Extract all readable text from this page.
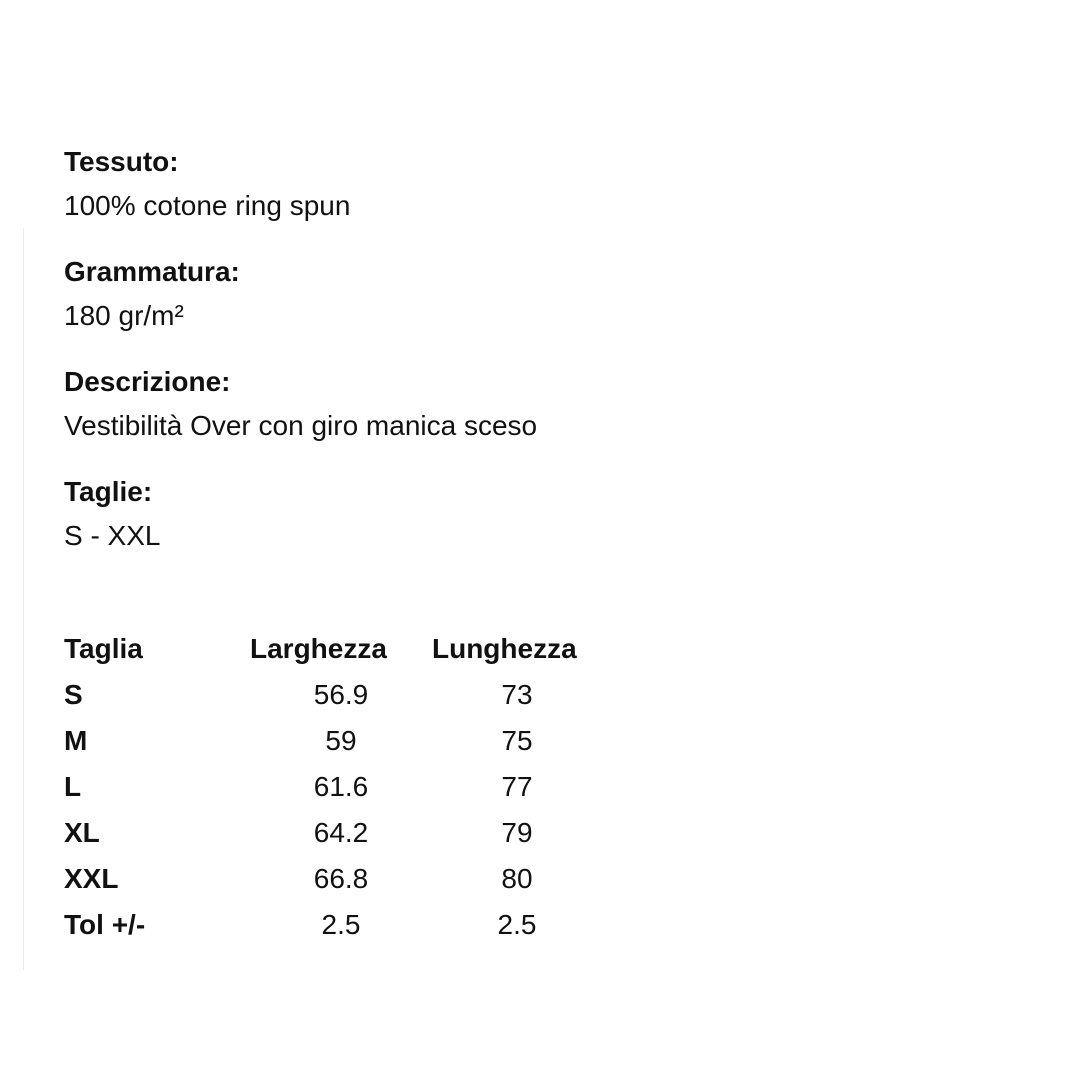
Tessuto:

100% cotone ring spun

Grammatura:

180 gr/m²

Descrizione:

Vestibilità Over con giro manica sceso

Taglie:

S - XXL

Taglia	Larghezza	Lunghezza
S	56.9	73
M	59	75
L	61.6	77
XL	64.2	79
XXL	66.8	80
Tol +/-	2.5	2.5
